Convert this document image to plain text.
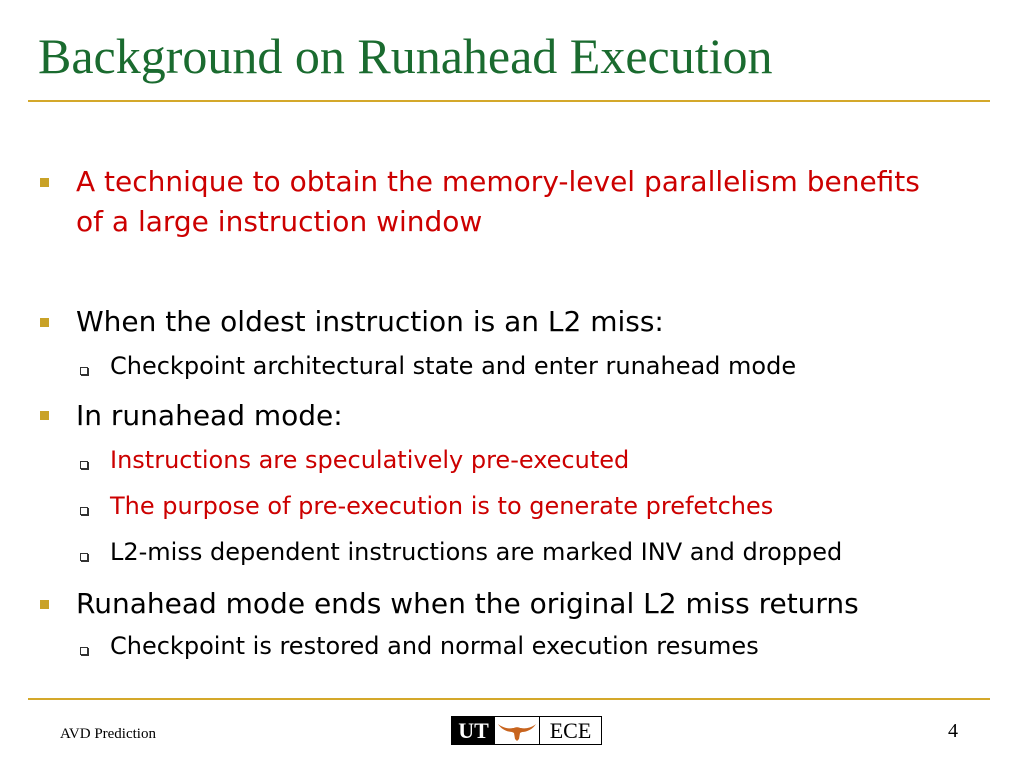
Background on Runahead Execution
A technique to obtain the memory-level parallelism benefits
of a large instruction window
When the oldest instruction is an L2 miss:
Checkpoint architectural state and enter runahead mode
In runahead mode:
Instructions are speculatively pre-executed
The purpose of pre-execution is to generate prefetches
L2-miss dependent instructions are marked INV and dropped
Runahead mode ends when the original L2 miss returns
Checkpoint is restored and normal execution resumes
AVD Prediction	UT	ECE	4
